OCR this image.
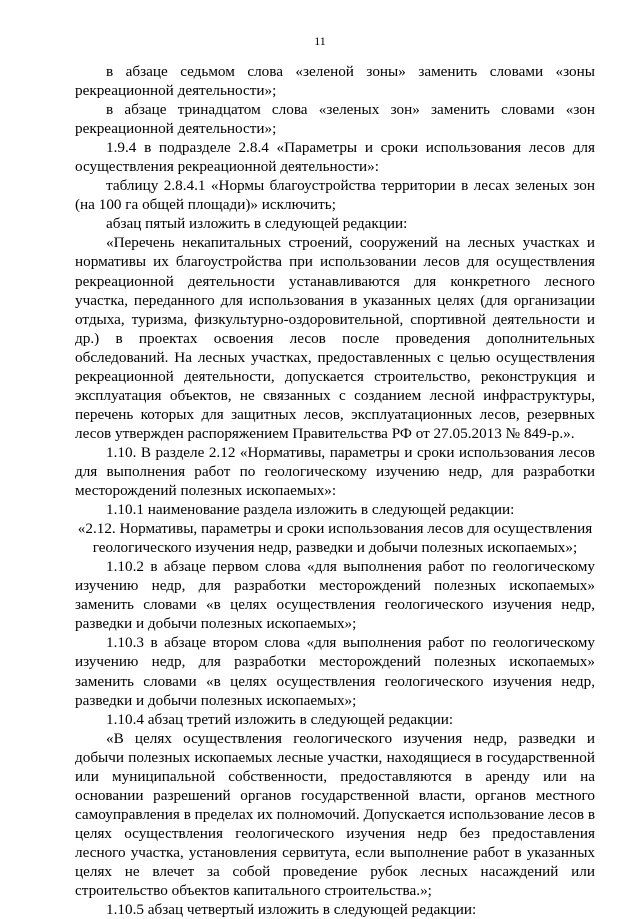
11

в абзаце седьмом слова «зеленой зоны» заменить словами «зоны рекреационной деятельности»;

в абзаце тринадцатом слова «зеленых зон» заменить словами «зон рекреационной деятельности»;

1.9.4 в подразделе 2.8.4 «Параметры и сроки использования лесов для осуществления рекреационной деятельности»:

таблицу 2.8.4.1 «Нормы благоустройства территории в лесах зеленых зон (на 100 га общей площади)» исключить;

абзац пятый изложить в следующей редакции:

«Перечень некапитальных строений, сооружений на лесных участках и нормативы их благоустройства при использовании лесов для осуществления рекреационной деятельности устанавливаются для конкретного лесного участка, переданного для использования в указанных целях (для организации отдыха, туризма, физкультурно-оздоровительной, спортивной деятельности и др.) в проектах освоения лесов после проведения дополнительных обследований. На лесных участках, предоставленных с целью осуществления рекреационной деятельности, допускается строительство, реконструкция и эксплуатация объектов, не связанных с созданием лесной инфраструктуры, перечень которых для защитных лесов, эксплуатационных лесов, резервных лесов утвержден распоряжением Правительства РФ от 27.05.2013 № 849-р.».

1.10. В разделе 2.12 «Нормативы, параметры и сроки использования лесов для выполнения работ по геологическому изучению недр, для разработки месторождений полезных ископаемых»:

1.10.1 наименование раздела изложить в следующей редакции:

«2.12. Нормативы, параметры и сроки использования лесов для осуществления геологического изучения недр, разведки и добычи полезных ископаемых»;

1.10.2 в абзаце первом слова «для выполнения работ по геологическому изучению недр, для разработки месторождений полезных ископаемых» заменить словами «в целях осуществления геологического изучения недр, разведки и добычи полезных ископаемых»;

1.10.3 в абзаце втором слова «для выполнения работ по геологическому изучению недр, для разработки месторождений полезных ископаемых» заменить словами «в целях осуществления геологического изучения недр, разведки и добычи полезных ископаемых»;

1.10.4 абзац третий изложить в следующей редакции:

«В целях осуществления геологического изучения недр, разведки и добычи полезных ископаемых лесные участки, находящиеся в государственной или муниципальной собственности, предоставляются в аренду или на основании разрешений органов государственной власти, органов местного самоуправления в пределах их полномочий. Допускается использование лесов в целях осуществления геологического изучения недр без предоставления лесного участка, установления сервитута, если выполнение работ в указанных целях не влечет за собой проведение рубок лесных насаждений или строительство объектов капитального строительства.»;

1.10.5 абзац четвертый изложить в следующей редакции:
